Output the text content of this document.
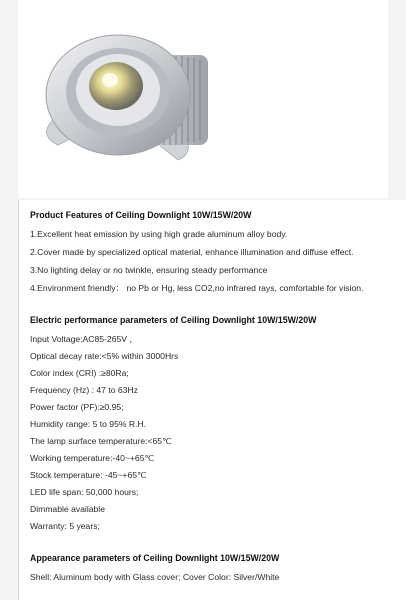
Product Features of Ceiling Downlight 10W/15W/20W
1.Excellent heat emission by using high grade aluminum alloy body.
2.Cover made by specialized optical material, enhance illumination and diffuse effect.
3.No lighting delay or no twinkle, ensuring steady performance
4.Environment friendly： no Pb or Hg, less CO2,no infrared rays, comfortable for vision.
Electric performance parameters of Ceiling Downlight 10W/15W/20W
Input Voltage:AC85-265V ，
Optical decay rate:<5% within 3000Hrs
Color index (CRI) :≥80Ra;
Frequency (Hz) : 47 to 63Hz
Power factor (PF):≥0.95;
Humidity range: 5 to 95% R.H.
The lamp surface temperature:<65℃
Working temperature:-40~+65℃
Stock temperature: -45~+65℃
LED life span: 50,000 hours;
Dimmable available
Warranty: 5 years;
Appearance parameters of Ceiling Downlight 10W/15W/20W
Shell: Aluminum body with Glass cover; Cover Color: Silver/White
